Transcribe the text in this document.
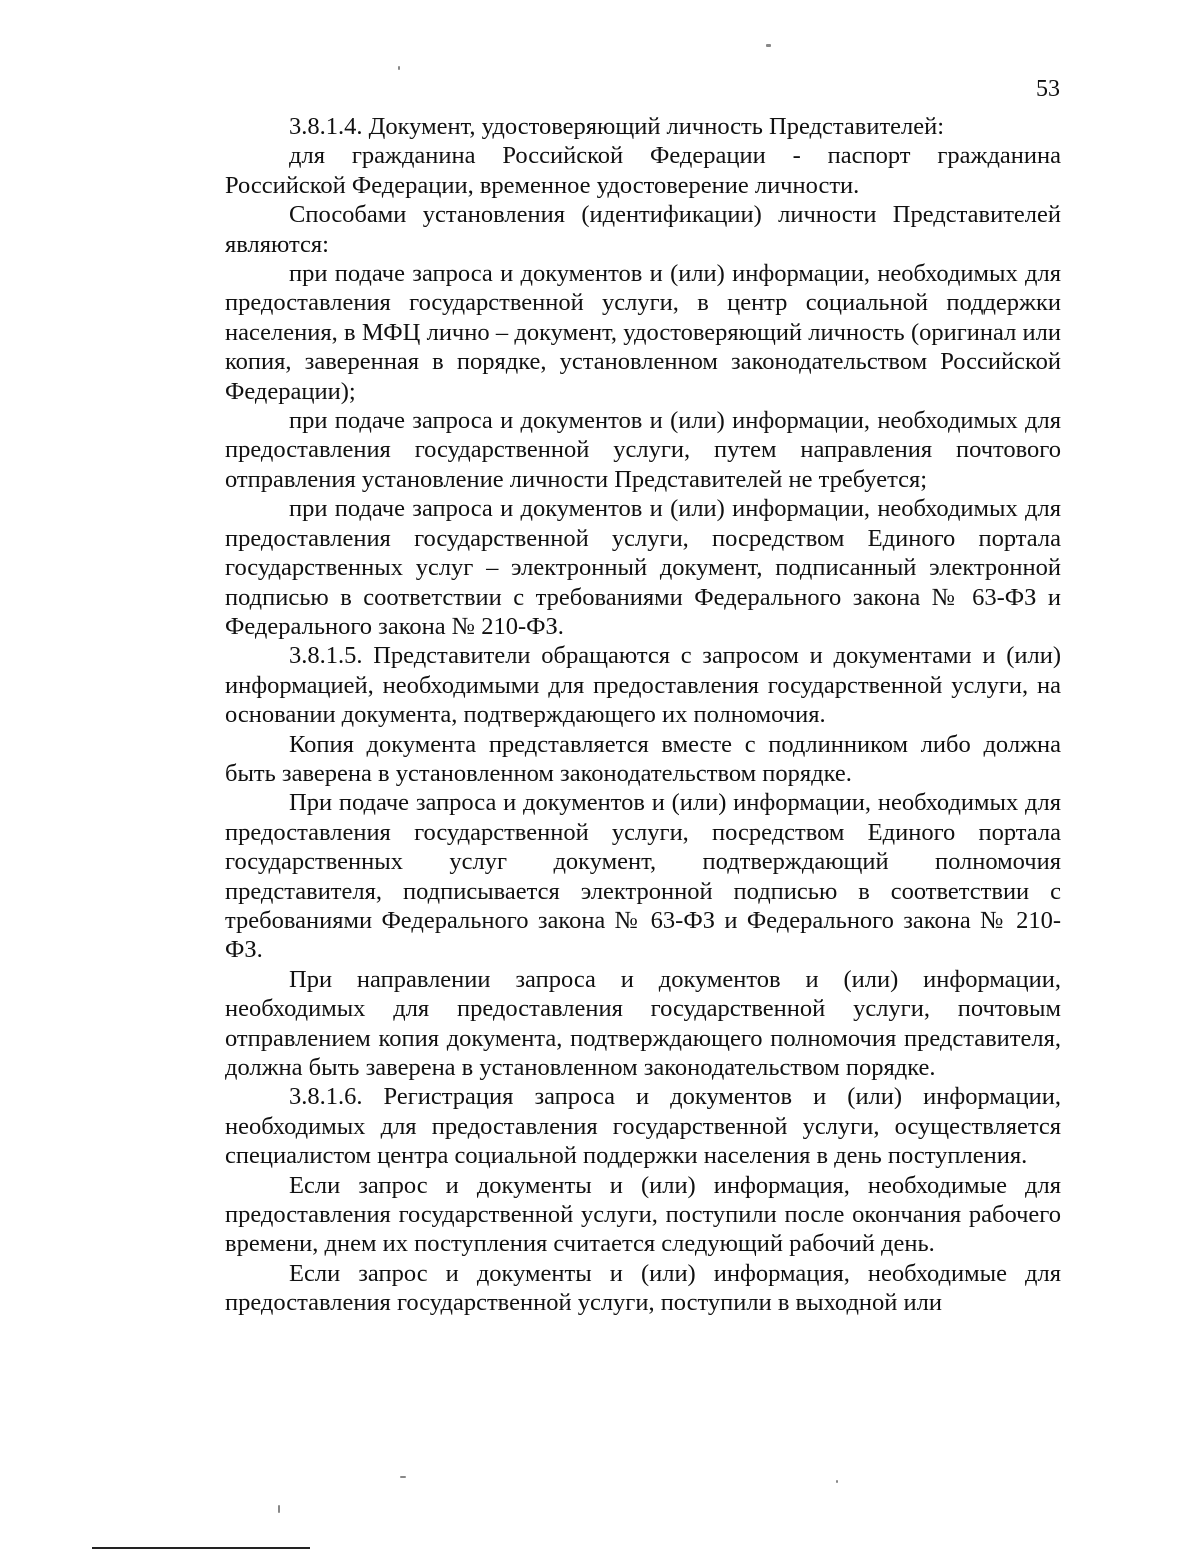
53

3.8.1.4. Документ, удостоверяющий личность Представителей:

для гражданина Российской Федерации - паспорт гражданина Российской Федерации, временное удостоверение личности.

Способами установления (идентификации) личности Представителей являются:

при подаче запроса и документов и (или) информации, необходимых для предоставления государственной услуги, в центр социальной поддержки населения, в МФЦ лично – документ, удостоверяющий личность (оригинал или копия, заверенная в порядке, установленном законодательством Российской Федерации);

при подаче запроса и документов и (или) информации, необходимых для предоставления государственной услуги, путем направления почтового отправления установление личности Представителей не требуется;

при подаче запроса и документов и (или) информации, необходимых для предоставления государственной услуги, посредством Единого портала государственных услуг – электронный документ, подписанный электронной подписью в соответствии с требованиями Федерального закона № 63-ФЗ и Федерального закона № 210-ФЗ.

3.8.1.5. Представители обращаются с запросом и документами и (или) информацией, необходимыми для предоставления государственной услуги, на основании документа, подтверждающего их полномочия.

Копия документа представляется вместе с подлинником либо должна быть заверена в установленном законодательством порядке.

При подаче запроса и документов и (или) информации, необходимых для предоставления государственной услуги, посредством Единого портала государственных услуг документ, подтверждающий полномочия представителя, подписывается электронной подписью в соответствии с требованиями Федерального закона № 63-ФЗ и Федерального закона № 210-ФЗ.

При направлении запроса и документов и (или) информации, необходимых для предоставления государственной услуги, почтовым отправлением копия документа, подтверждающего полномочия представителя, должна быть заверена в установленном законодательством порядке.

3.8.1.6. Регистрация запроса и документов и (или) информации, необходимых для предоставления государственной услуги, осуществляется специалистом центра социальной поддержки населения в день поступления.

Если запрос и документы и (или) информация, необходимые для предоставления государственной услуги, поступили после окончания рабочего времени, днем их поступления считается следующий рабочий день.

Если запрос и документы и (или) информация, необходимые для предоставления государственной услуги, поступили в выходной или
